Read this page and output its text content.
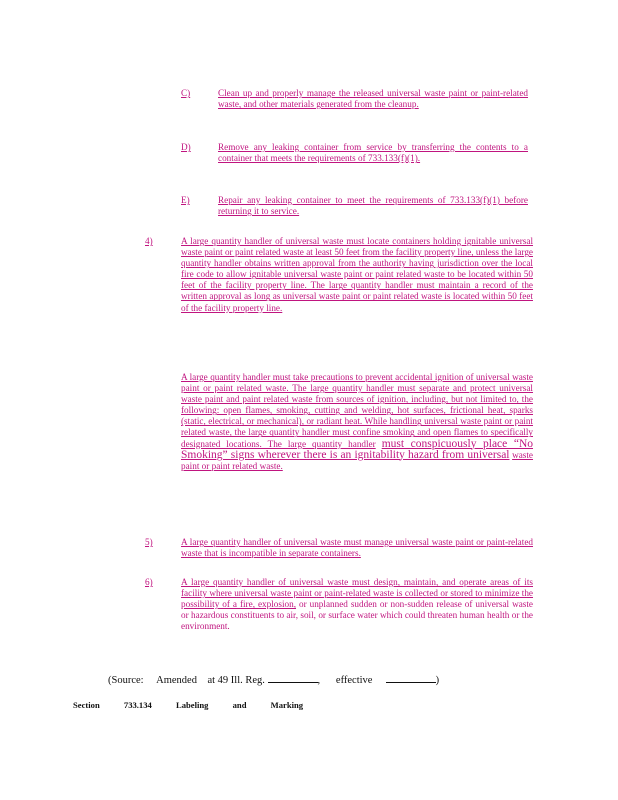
C)	Clean up and properly manage the released universal waste paint or paint-related waste, and other materials generated from the cleanup.
D)	Remove any leaking container from service by transferring the contents to a container that meets the requirements of 733.133(f)(1).
E)	Repair any leaking container to meet the requirements of 733.133(f)(1) before returning it to service.
4)	A large quantity handler of universal waste must locate containers holding ignitable universal waste paint or paint related waste at least 50 feet from the facility property line, unless the large quantity handler obtains written approval from the authority having jurisdiction over the local fire code to allow ignitable universal waste paint or paint related waste to be located within 50 feet of the facility property line. The large quantity handler must maintain a record of the written approval as long as universal waste paint or paint related waste is located within 50 feet of the facility property line.
A large quantity handler must take precautions to prevent accidental ignition of universal waste paint or paint related waste. The large quantity handler must separate and protect universal waste paint and paint related waste from sources of ignition, including, but not limited to, the following: open flames, smoking, cutting and welding, hot surfaces, frictional heat, sparks (static, electrical, or mechanical), or radiant heat. While handling universal waste paint or paint related waste, the large quantity handler must confine smoking and open flames to specifically designated locations. The large quantity handler must conspicuously place “No Smoking” signs wherever there is an ignitability hazard from universal waste paint or paint related waste.
5)	A large quantity handler of universal waste must manage universal waste paint or paint-related waste that is incompatible in separate containers.
6)	A large quantity handler of universal waste must design, maintain, and operate areas of its facility where universal waste paint or paint-related waste is collected or stored to minimize the possibility of a fire, explosion, or unplanned sudden or non-sudden release of universal waste or hazardous constituents to air, soil, or surface water which could threaten human health or the environment.
(Source: Amended at 49 Ill. Reg.	,      effective	)
Section	733.134	Labeling	and	Marking
